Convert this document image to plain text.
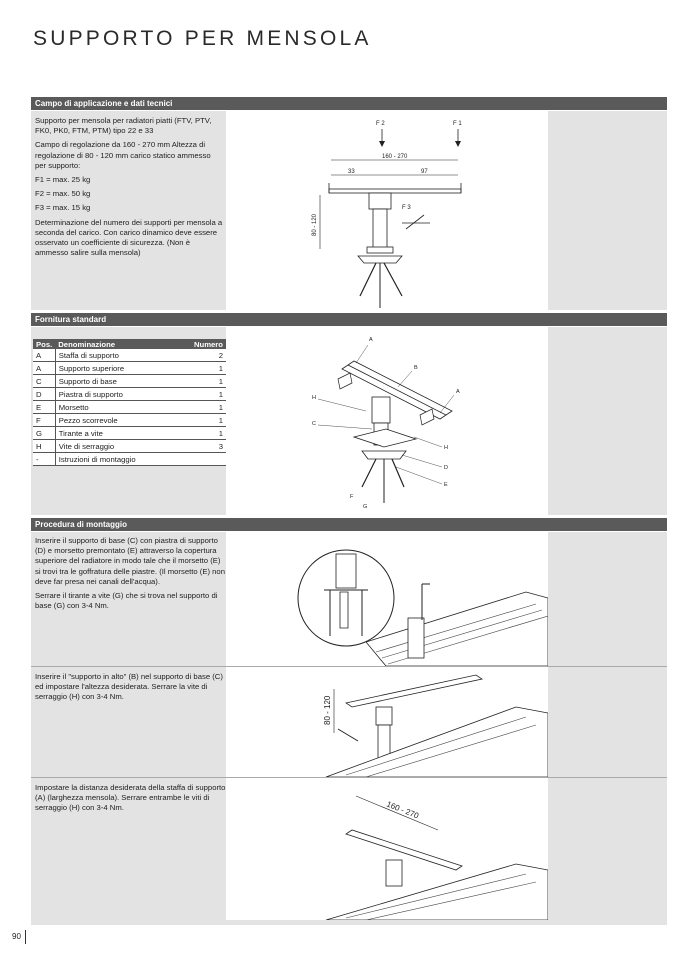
SUPPORTO PER MENSOLA
Campo di applicazione e dati tecnici

Supporto per mensola per radiatori piatti (FTV, PTV, FK0, PK0, FTM, PTM) tipo 22 e 33

Campo di regolazione da 160 - 270 mm Altezza di regolazione di 80 - 120 mm carico statico ammesso per supporto:

F1 = max. 25 kg

F2 = max. 50 kg

F3 = max. 15 kg

Determinazione del numero dei supporti per mensola a seconda del carico. Con carico dinamico deve essere osservato un coefficiente di sicurezza. (Non è ammesso salire sulla mensola)

F 2	F 1
160 - 270
33	97
80 - 120
F 3
Fornitura standard
Pos.	Denominazione	Numero
A	Staffa di supporto	2
A	Supporto superiore	1
C	Supporto di base	1
D	Piastra di supporto	1
E	Morsetto	1
F	Pezzo scorrevole	1
G	Tirante a vite	1
H	Vite di serraggio	3
-	Istruzioni di montaggio	
A
B
A
H
C
H
D
E
F
G
Procedura di montaggio

Inserire il supporto di base (C) con piastra di supporto (D) e morsetto premontato (E) attraverso la copertura superiore del radiatore in modo tale che il morsetto (E) si trovi tra le goffratura delle piastre. (Il morsetto (E) non deve far presa nei canali dell'acqua).

Serrare il tirante a vite (G) che si trova nel supporto di base (G) con 3-4 Nm.

Inserire il "supporto in alto" (B) nel supporto di base (C) ed impostare l'altezza desiderata. Serrare la vite di serraggio (H) con 3-4 Nm.	80 - 120

Impostare la distanza desiderata della staffa di supporto (A) (larghezza mensola). Serrare entrambe le viti di serraggio (H) con 3-4 Nm.	160 - 270
90
